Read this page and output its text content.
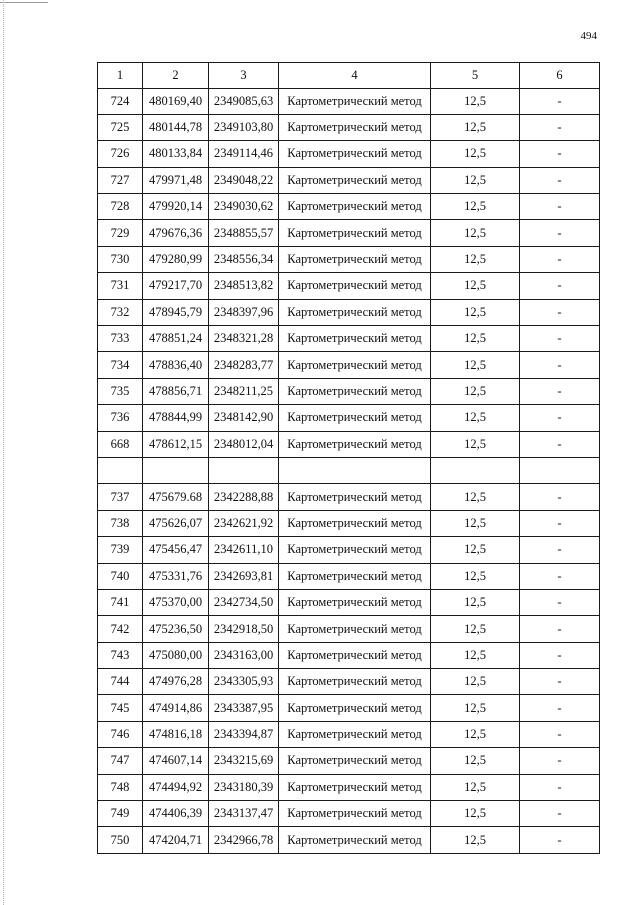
494
1	2	3	4	5	6
724	480169,40	2349085,63	Картометрический метод	12,5	-
725	480144,78	2349103,80	Картометрический метод	12,5	-
726	480133,84	2349114,46	Картометрический метод	12,5	-
727	479971,48	2349048,22	Картометрический метод	12,5	-
728	479920,14	2349030,62	Картометрический метод	12,5	-
729	479676,36	2348855,57	Картометрический метод	12,5	-
730	479280,99	2348556,34	Картометрический метод	12,5	-
731	479217,70	2348513,82	Картометрический метод	12,5	-
732	478945,79	2348397,96	Картометрический метод	12,5	-
733	478851,24	2348321,28	Картометрический метод	12,5	-
734	478836,40	2348283,77	Картометрический метод	12,5	-
735	478856,71	2348211,25	Картометрический метод	12,5	-
736	478844,99	2348142,90	Картометрический метод	12,5	-
668	478612,15	2348012,04	Картометрический метод	12,5	-

737	475679.68	2342288,88	Картометрический метод	12,5	-
738	475626,07	2342621,92	Картометрический метод	12,5	-
739	475456,47	2342611,10	Картометрический метод	12,5	-
740	475331,76	2342693,81	Картометрический метод	12,5	-
741	475370,00	2342734,50	Картометрический метод	12,5	-
742	475236,50	2342918,50	Картометрический метод	12,5	-
743	475080,00	2343163,00	Картометрический метод	12,5	-
744	474976,28	2343305,93	Картометрический метод	12,5	-
745	474914,86	2343387,95	Картометрический метод	12,5	-
746	474816,18	2343394,87	Картометрический метод	12,5	-
747	474607,14	2343215,69	Картометрический метод	12,5	-
748	474494,92	2343180,39	Картометрический метод	12,5	-
749	474406,39	2343137,47	Картометрический метод	12,5	-
750	474204,71	2342966,78	Картометрический метод	12,5	-
